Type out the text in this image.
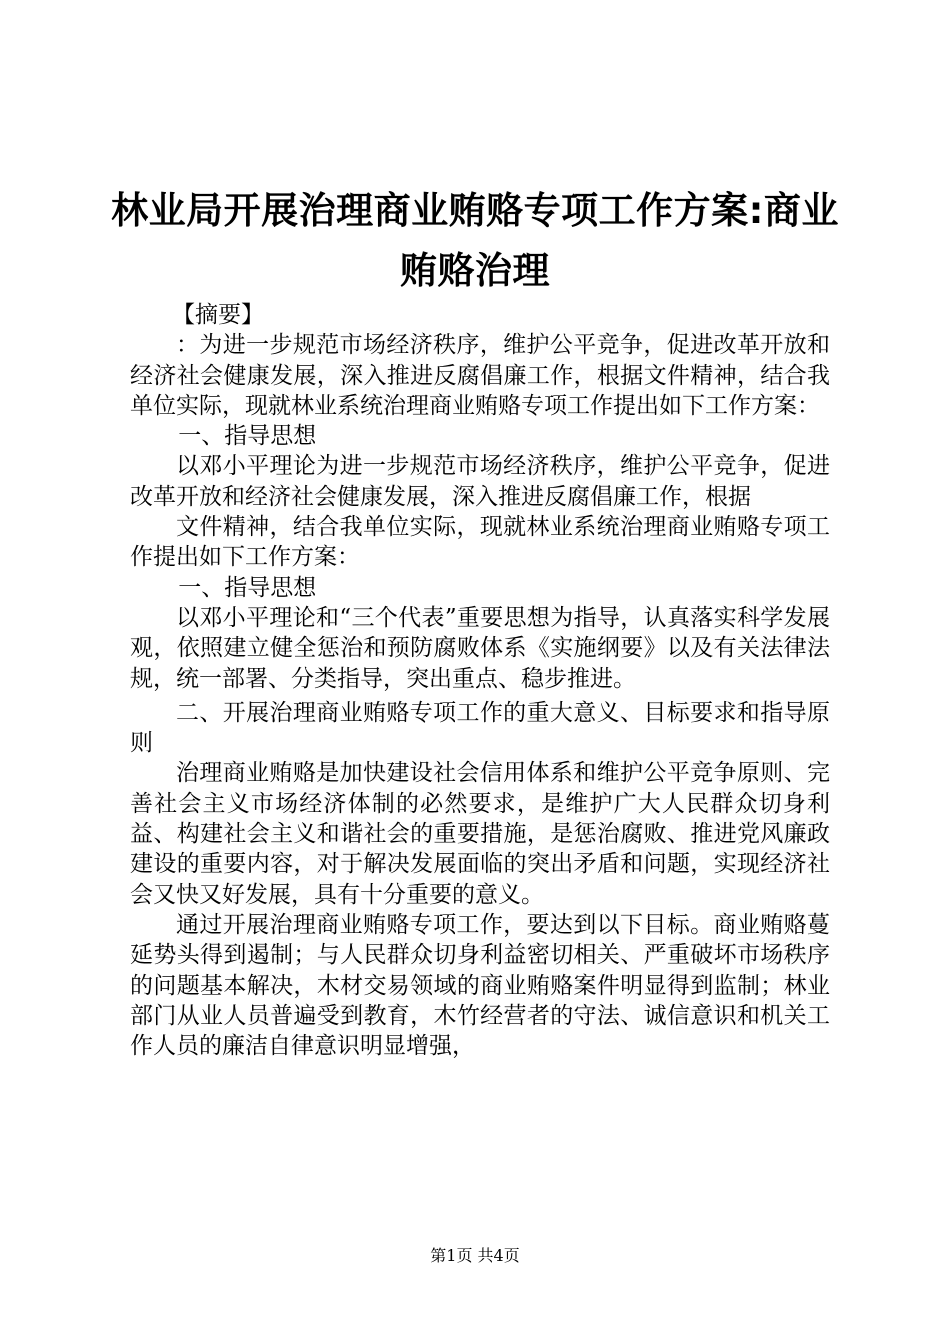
林业局开展治理商业贿赂专项工作方案:商业
贿赂治理

【摘要】

：为进一步规范市场经济秩序，维护公平竞争，促进改革开放和经济社会健康发展，深入推进反腐倡廉工作，根据文件精神，结合我单位实际，现就林业系统治理商业贿赂专项工作提出如下工作方案：

一、指导思想

以邓小平理论为进一步规范市场经济秩序，维护公平竞争，促进改革开放和经济社会健康发展，深入推进反腐倡廉工作，根据

文件精神，结合我单位实际，现就林业系统治理商业贿赂专项工作提出如下工作方案：

一、指导思想

以邓小平理论和“三个代表”重要思想为指导，认真落实科学发展观，依照建立健全惩治和预防腐败体系《实施纲要》以及有关法律法规，统一部署、分类指导，突出重点、稳步推进。

二、开展治理商业贿赂专项工作的重大意义、目标要求和指导原则

治理商业贿赂是加快建设社会信用体系和维护公平竞争原则、完善社会主义市场经济体制的必然要求，是维护广大人民群众切身利益、构建社会主义和谐社会的重要措施，是惩治腐败、推进党风廉政建设的重要内容，对于解决发展面临的突出矛盾和问题，实现经济社会又快又好发展，具有十分重要的意义。

通过开展治理商业贿赂专项工作，要达到以下目标。商业贿赂蔓延势头得到遏制；与人民群众切身利益密切相关、严重破坏市场秩序的问题基本解决，木材交易领域的商业贿赂案件明显得到监制；林业部门从业人员普遍受到教育，木竹经营者的守法、诚信意识和机关工作人员的廉洁自律意识明显增强，

第1页 共4页
